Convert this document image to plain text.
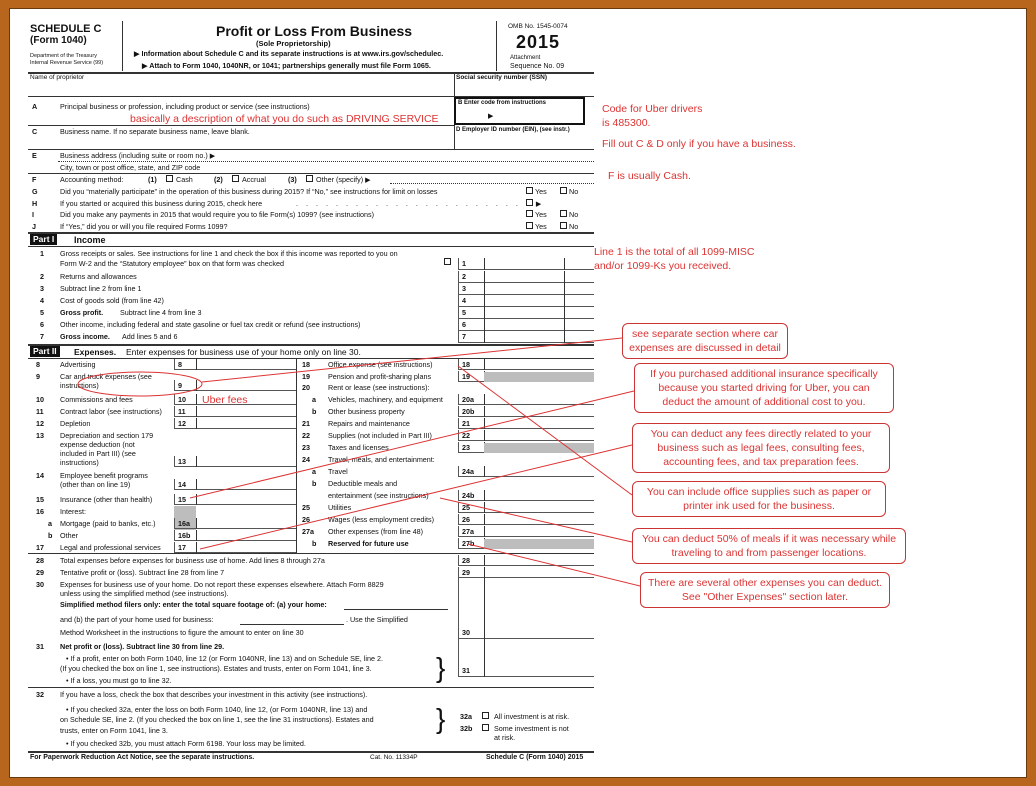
SCHEDULE C
(Form 1040)
Department of the Treasury
Internal Revenue Service (99)
Profit or Loss From Business
(Sole Proprietorship)
▶ Information about Schedule C and its separate instructions is at www.irs.gov/schedulec.
▶ Attach to Form 1040, 1040NR, or 1041; partnerships generally must file Form 1065.
OMB No. 1545-0074
2015
Attachment
Sequence No. 09
Name of proprietor	Social security number (SSN)
A	Principal business or profession, including product or service (see instructions)
basically a description of what you do such as DRIVING SERVICE
B Enter code from instructions
▶
C	Business name. If no separate business name, leave blank.	D Employer ID number (EIN), (see instr.)
E	Business address (including suite or room no.) ▶
City, town or post office, state, and ZIP code
F	Accounting method:	(1)	Cash	(2)	Accrual	(3)	Other (specify) ▶
G	Did you “materially participate” in the operation of this business during 2015? If “No,” see instructions for limit on losses	Yes	No
H	If you started or acquired this business during 2015, check here	. . . . . . . . . . . . . . . . . . . . . . . . ▶
I	Did you make any payments in 2015 that would require you to file Form(s) 1099? (see instructions)	Yes	No
J	If “Yes,” did you or will you file required Forms 1099?	Yes	No
Part I	Income
1 Gross receipts or sales. See instructions for line 1 and check the box if this income was reported to you on
Form W-2 and the “Statutory employee” box on that form was checked	1
2 Returns and allowances	2
3 Subtract line 2 from line 1	3
4 Cost of goods sold (from line 42)	4
5 Gross profit. Subtract line 4 from line 3	5
6 Other income, including federal and state gasoline or fuel tax credit or refund (see instructions)	6
7 Gross income. Add lines 5 and 6	7
Part II	Expenses. Enter expenses for business use of your home only on line 30.
8	Advertising	8
9	Car and truck expenses (see
instructions)	9
10 Commissions and fees	10
11 Contract labor (see instructions) 11
12 Depletion	12
13 Depreciation and section 179
expense deduction (not
included in Part III) (see
instructions)	13
14 Employee benefit programs
(other than on line 19)	14
15 Insurance (other than health)	15
16 Interest:
a Mortgage (paid to banks, etc.)	16a
b Other	16b
17 Legal and professional services 17
18	Office expense (see instructions)	18
19	Pension and profit-sharing plans	19
20	Rent or lease (see instructions):
a Vehicles, machinery, and equipment	20a
b Other business property	20b
21	Repairs and maintenance	21
22	Supplies (not included in Part III)	22
23	Taxes and licenses	23
24	Travel, meals, and entertainment:
a Travel	24a
b Deductible meals and
entertainment (see instructions)	24b
25	Utilities	25
26	Wages (less employment credits)	26
27a Other expenses (from line 48)	27a
b Reserved for future use	27b
Uber fees
28 Total expenses before expenses for business use of home. Add lines 8 through 27a	28
29 Tentative profit or (loss). Subtract line 28 from line 7	29
30 Expenses for business use of your home. Do not report these expenses elsewhere. Attach Form 8829
unless using the simplified method (see instructions).
Simplified method filers only: enter the total square footage of: (a) your home:
and (b) the part of your home used for business:	. Use the Simplified
Method Worksheet in the instructions to figure the amount to enter on line 30	30
31 Net profit or (loss). Subtract line 30 from line 29.
• If a profit, enter on both Form 1040, line 12 (or Form 1040NR, line 13) and on Schedule SE, line 2.
(If you checked the box on line 1, see instructions). Estates and trusts, enter on Form 1041, line 3.
• If a loss, you must go to line 32.	} 31
32 If you have a loss, check the box that describes your investment in this activity (see instructions).
• If you checked 32a, enter the loss on both Form 1040, line 12, (or Form 1040NR, line 13) and
on Schedule SE, line 2. (If you checked the box on line 1, see the line 31 instructions). Estates and
trusts, enter on Form 1041, line 3.
• If you checked 32b, you must attach Form 6198. Your loss may be limited.
} 32a	All investment is at risk.
32b	Some investment is not
at risk.
For Paperwork Reduction Act Notice, see the separate instructions.	Cat. No. 11334P	Schedule C (Form 1040) 2015
Code for Uber drivers
is 485300.
Fill out C & D only if you have a business.
F is usually Cash.
Line 1 is the total of all 1099-MISC
and/or 1099-Ks you received.
see separate section where car
expenses are discussed in detail
If you purchased additional insurance specifically
because you started driving for Uber, you can
deduct the amount of additional cost to you.
You can deduct any fees directly related to your
business such as legal fees, consulting fees,
accounting fees, and tax preparation fees.
You can include office supplies such as paper or
printer ink used for the business.
You can deduct 50% of meals if it was necessary while
traveling to and from passenger locations.
There are several other expenses you can deduct.
See "Other Expenses" section later.
